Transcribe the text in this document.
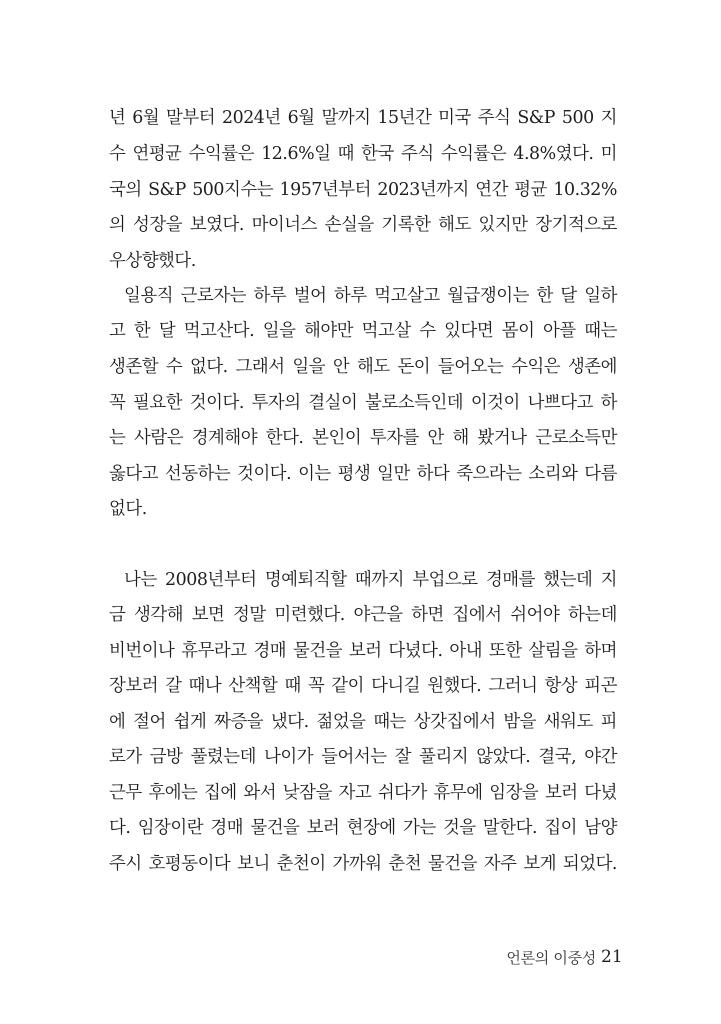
년 6월 말부터 2024년 6월 말까지 15년간 미국 주식 S&P 500 지
수 연평균 수익률은 12.6%일 때 한국 주식 수익률은 4.8%였다. 미
국의 S&P 500지수는 1957년부터 2023년까지 연간 평균 10.32%
의 성장을 보였다. 마이너스 손실을 기록한 해도 있지만 장기적으로
우상향했다.
일용직 근로자는 하루 벌어 하루 먹고살고 월급쟁이는 한 달 일하
고 한 달 먹고산다. 일을 해야만 먹고살 수 있다면 몸이 아플 때는
생존할 수 없다. 그래서 일을 안 해도 돈이 들어오는 수익은 생존에
꼭 필요한 것이다. 투자의 결실이 불로소득인데 이것이 나쁘다고 하
는 사람은 경계해야 한다. 본인이 투자를 안 해 봤거나 근로소득만
옳다고 선동하는 것이다. 이는 평생 일만 하다 죽으라는 소리와 다름
없다.
나는 2008년부터 명예퇴직할 때까지 부업으로 경매를 했는데 지
금 생각해 보면 정말 미련했다. 야근을 하면 집에서 쉬어야 하는데
비번이나 휴무라고 경매 물건을 보러 다녔다. 아내 또한 살림을 하며
장보러 갈 때나 산책할 때 꼭 같이 다니길 원했다. 그러니 항상 피곤
에 절어 쉽게 짜증을 냈다. 젊었을 때는 상갓집에서 밤을 새워도 피
로가 금방 풀렸는데 나이가 들어서는 잘 풀리지 않았다. 결국, 야간
근무 후에는 집에 와서 낮잠을 자고 쉬다가 휴무에 임장을 보러 다녔
다. 임장이란 경매 물건을 보러 현장에 가는 것을 말한다. 집이 남양
주시 호평동이다 보니 춘천이 가까워 춘천 물건을 자주 보게 되었다.
언론의 이중성 21
